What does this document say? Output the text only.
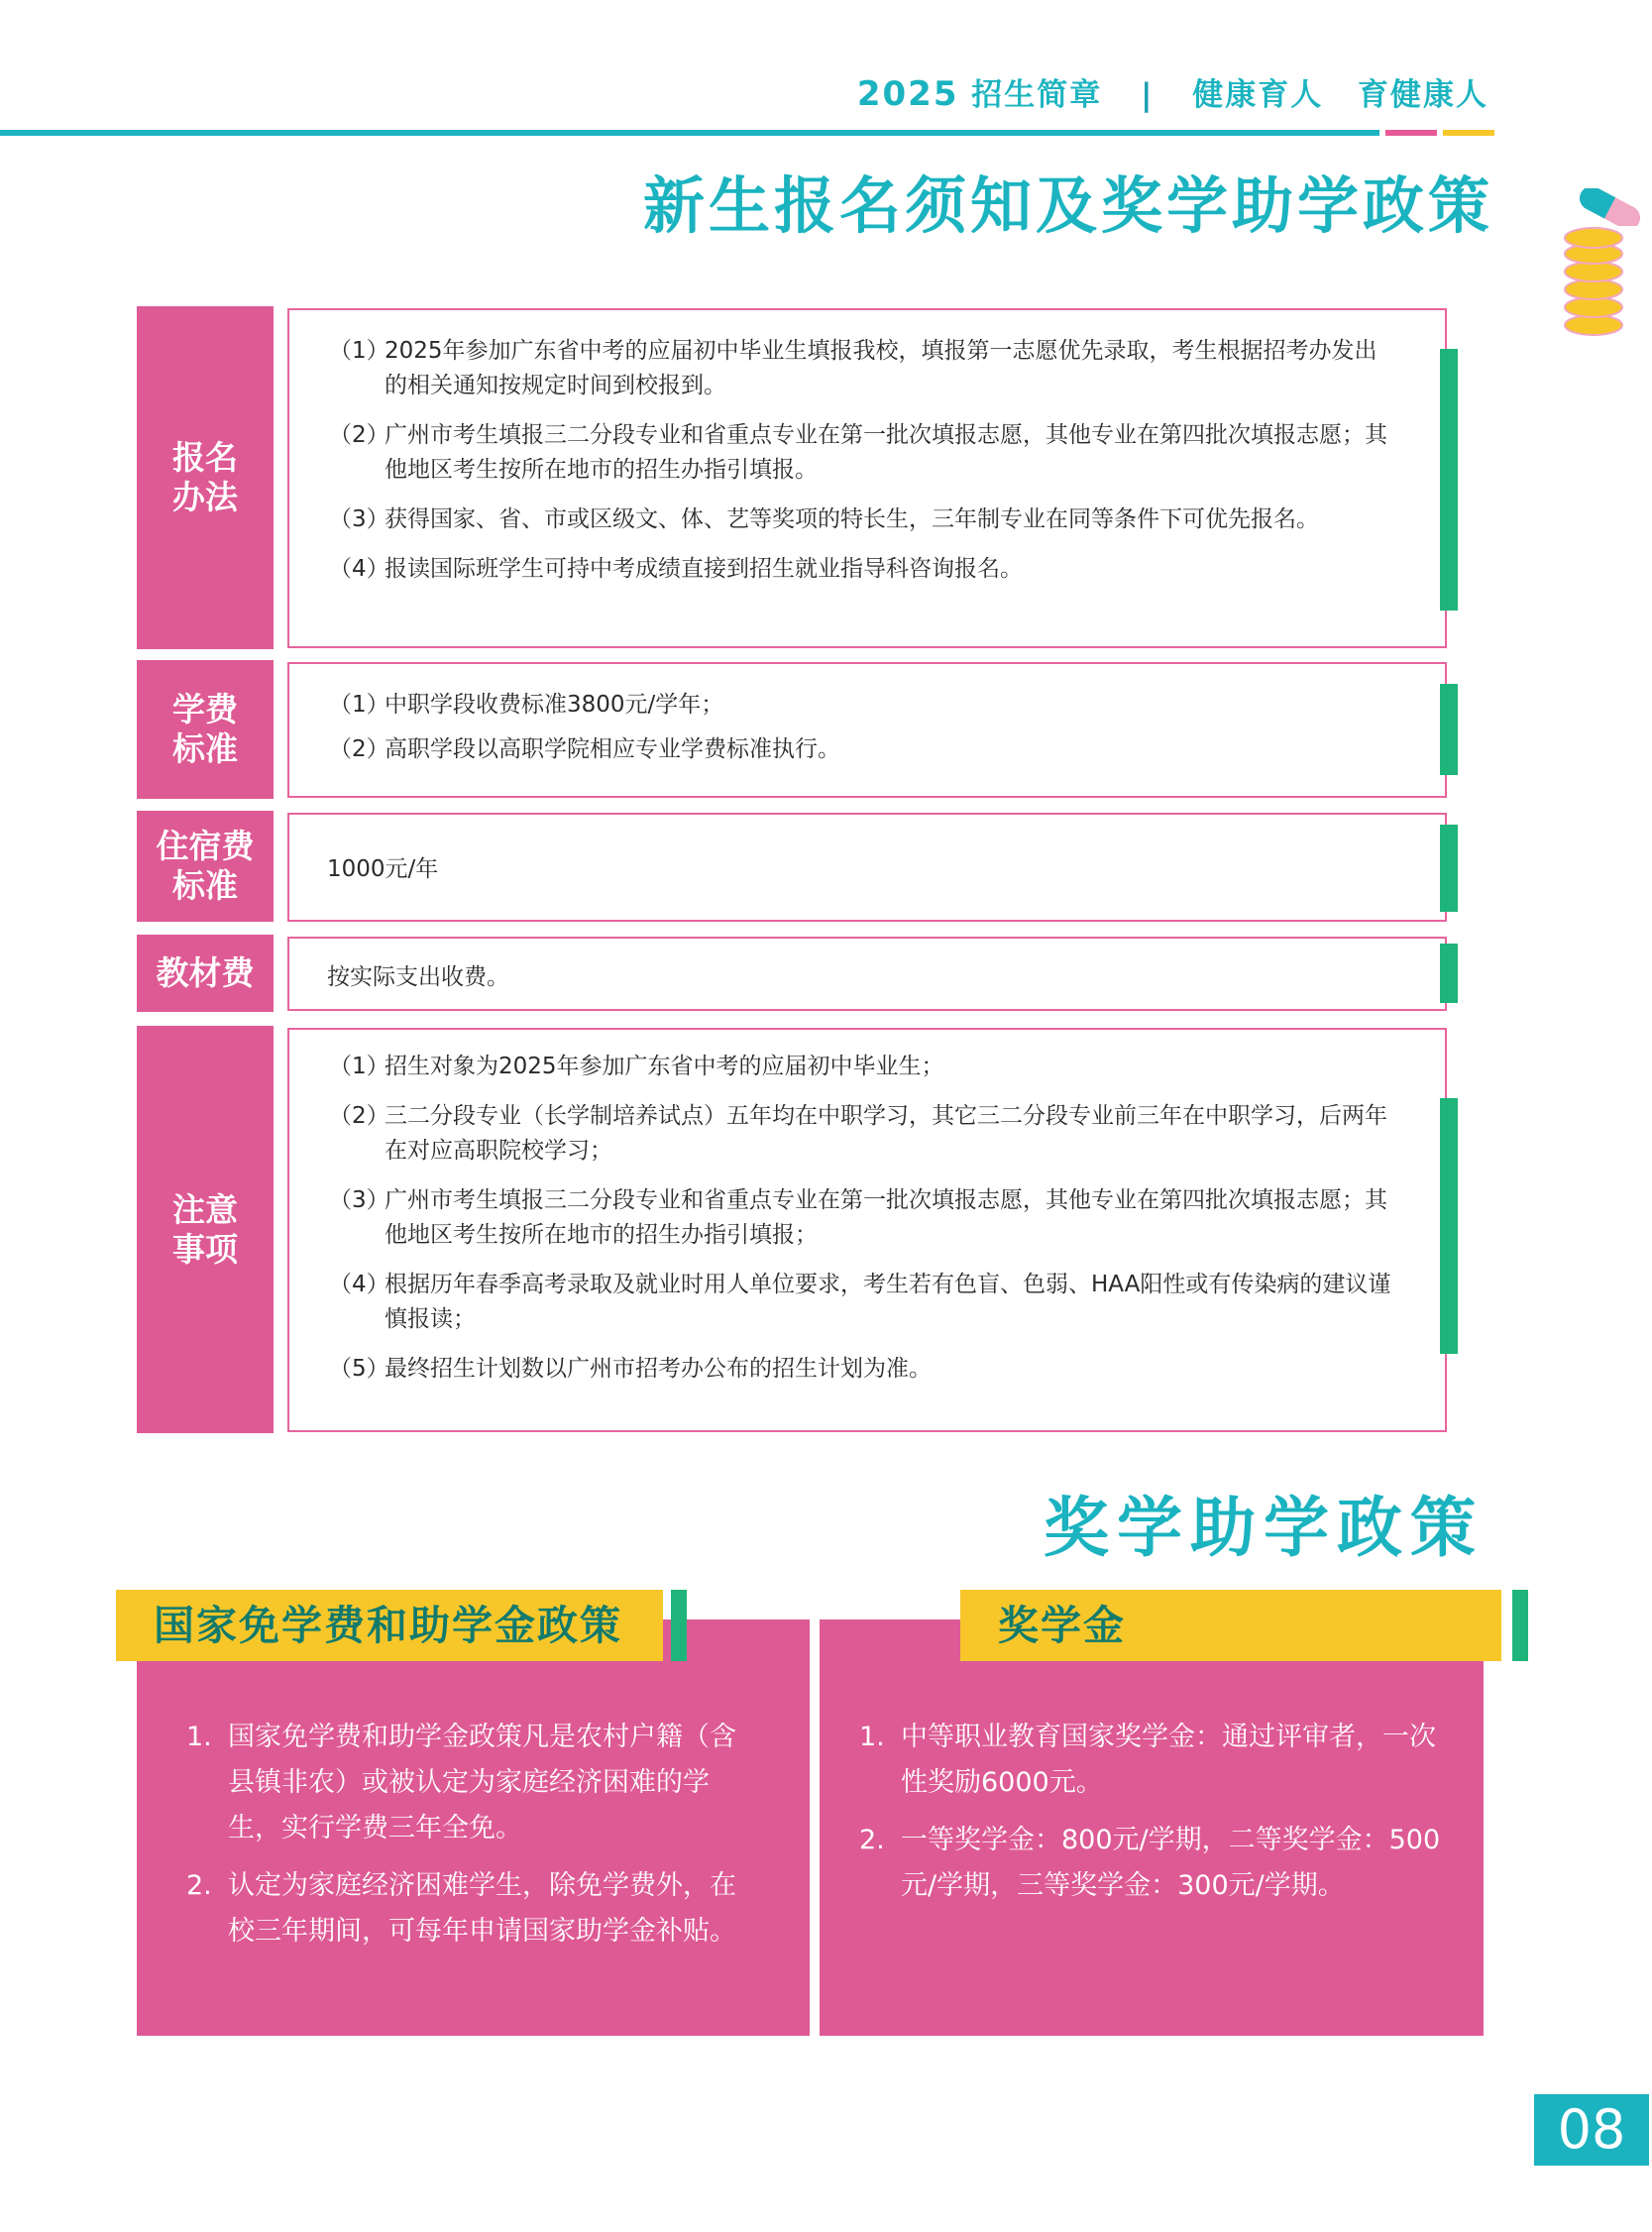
2025 招生简章 | 健康育人 育健康人
新生报名须知及奖学助学政策
报名
办法
（1）
2025年参加广东省中考的应届初中毕业生填报我校，填报第一志愿优先录取，考生根据招考办发出的相关通知按规定时间到校报到。
（2）
广州市考生填报三二分段专业和省重点专业在第一批次填报志愿，其他专业在第四批次填报志愿；其他地区考生按所在地市的招生办指引填报。
（3）
获得国家、省、市或区级文、体、艺等奖项的特长生，三年制专业在同等条件下可优先报名。
（4）
报读国际班学生可持中考成绩直接到招生就业指导科咨询报名。
学费
标准
（1）
中职学段收费标准3800元/学年；
（2）
高职学段以高职学院相应专业学费标准执行。
住宿费
标准	1000元/年
教材费	按实际支出收费。
注意
事项
（1）
招生对象为2025年参加广东省中考的应届初中毕业生；
（2）
三二分段专业（长学制培养试点）五年均在中职学习，其它三二分段专业前三年在中职学习，后两年在对应高职院校学习；
（3）
广州市考生填报三二分段专业和省重点专业在第一批次填报志愿，其他专业在第四批次填报志愿；其他地区考生按所在地市的招生办指引填报；
（4）
根据历年春季高考录取及就业时用人单位要求，考生若有色盲、色弱、HAA阳性或有传染病的建议谨慎报读；
（5）
最终招生计划数以广州市招考办公布的招生计划为准。
奖学助学政策
1. 国家免学费和助学金政策凡是农村户籍（含县镇非农）或被认定为家庭经济困难的学生，实行学费三年全免。
2. 认定为家庭经济困难学生，除免学费外，在校三年期间，可每年申请国家助学金补贴。
国家免学费和助学金政策
1. 中等职业教育国家奖学金：通过评审者，一次性奖励6000元。
2. 一等奖学金：800元/学期，二等奖学金：500元/学期，三等奖学金：300元/学期。
奖学金
08
